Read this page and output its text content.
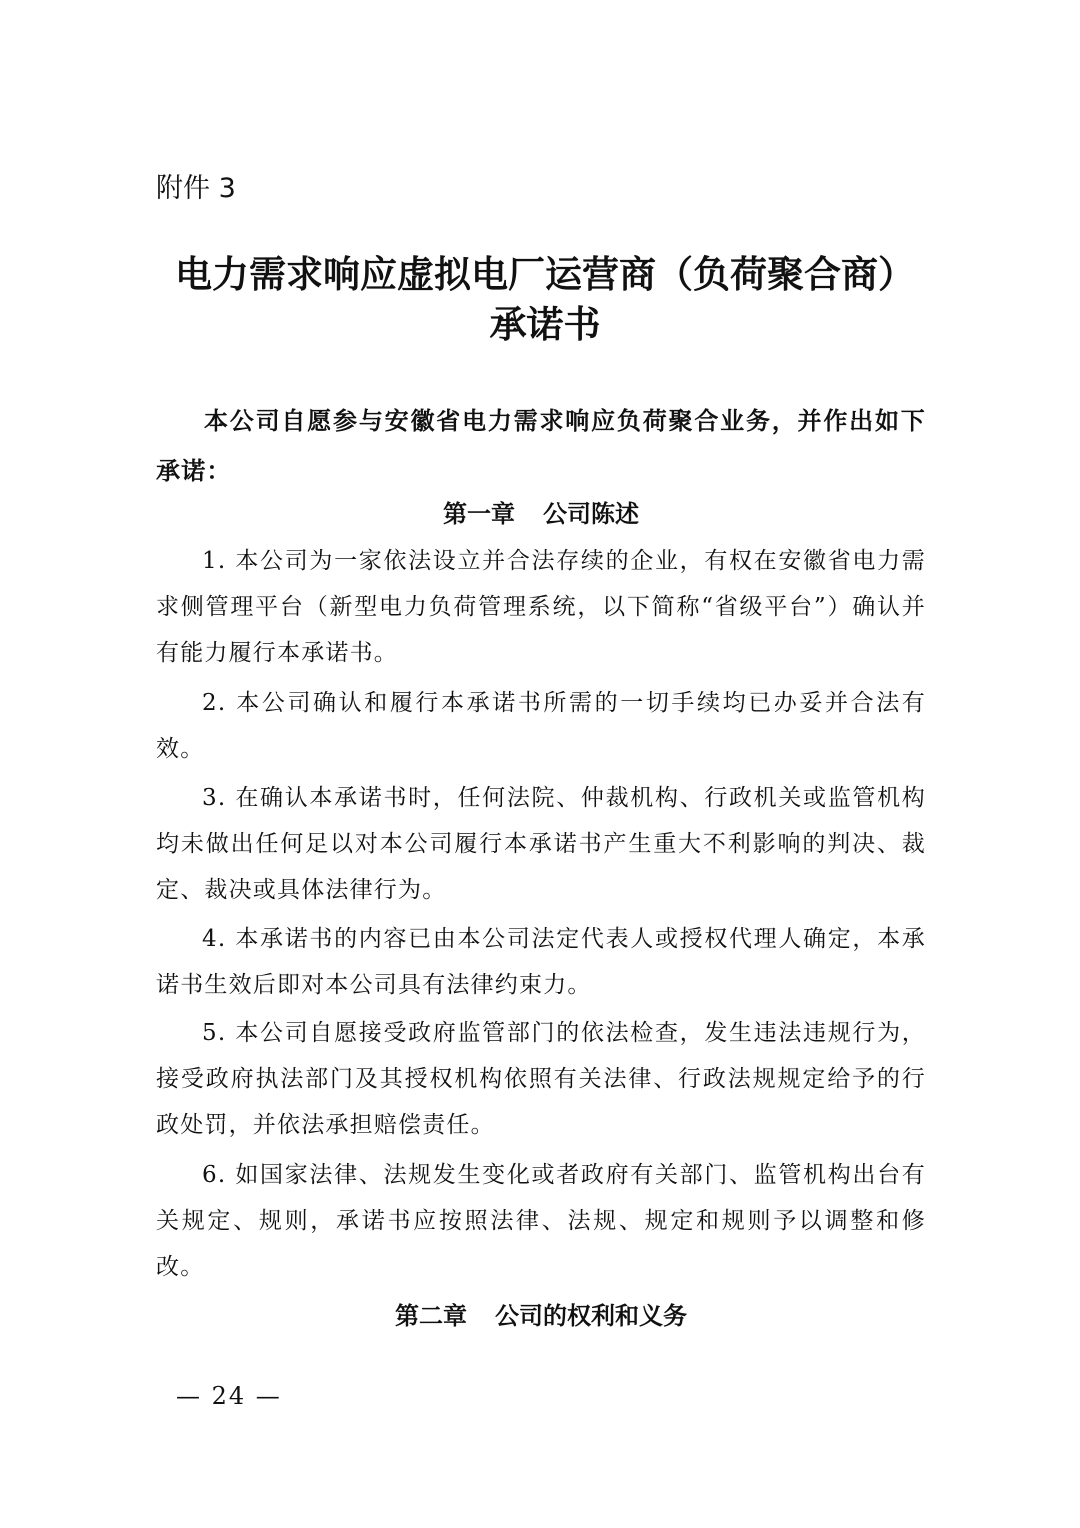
附件 3

电力需求响应虚拟电厂运营商（负荷聚合商）
承诺书

本公司自愿参与安徽省电力需求响应负荷聚合业务，并作出如下承诺：

第一章 公司陈述

1. 本公司为一家依法设立并合法存续的企业，有权在安徽省电力需求侧管理平台（新型电力负荷管理系统，以下简称“省级平台”）确认并有能力履行本承诺书。

2. 本公司确认和履行本承诺书所需的一切手续均已办妥并合法有效。

3. 在确认本承诺书时，任何法院、仲裁机构、行政机关或监管机构均未做出任何足以对本公司履行本承诺书产生重大不利影响的判决、裁定、裁决或具体法律行为。

4. 本承诺书的内容已由本公司法定代表人或授权代理人确定，本承诺书生效后即对本公司具有法律约束力。

5. 本公司自愿接受政府监管部门的依法检查，发生违法违规行为，接受政府执法部门及其授权机构依照有关法律、行政法规规定给予的行政处罚，并依法承担赔偿责任。

6. 如国家法律、法规发生变化或者政府有关部门、监管机构出台有关规定、规则，承诺书应按照法律、法规、规定和规则予以调整和修改。

第二章 公司的权利和义务

— 24 —
